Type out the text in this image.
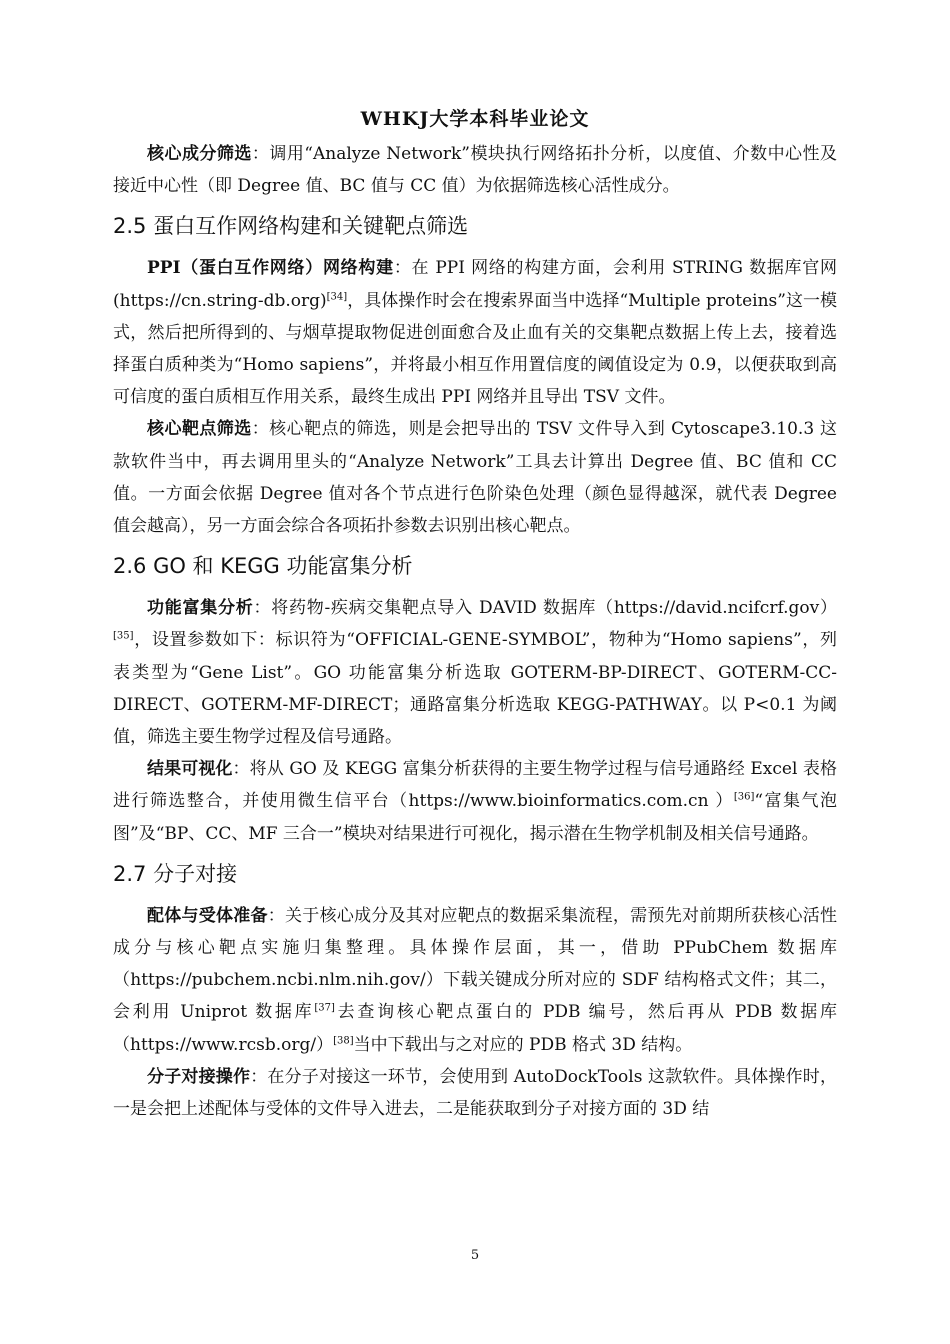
WHKJ大学本科毕业论文

核心成分筛选：调用“Analyze Network”模块执行网络拓扑分析，以度值、介数中心性及接近中心性（即 Degree 值、BC 值与 CC 值）为依据筛选核心活性成分。

2.5 蛋白互作网络构建和关键靶点筛选

PPI（蛋白互作网络）网络构建：在 PPI 网络的构建方面，会利用 STRING 数据库官网(https://cn.string-db.org)[34]，具体操作时会在搜索界面当中选择“Multiple proteins”这一模式，然后把所得到的、与烟草提取物促进创面愈合及止血有关的交集靶点数据上传上去，接着选择蛋白质种类为“Homo sapiens”，并将最小相互作用置信度的阈值设定为 0.9，以便获取到高可信度的蛋白质相互作用关系，最终生成出 PPI 网络并且导出 TSV 文件。

核心靶点筛选：核心靶点的筛选，则是会把导出的 TSV 文件导入到 Cytoscape3.10.3 这款软件当中，再去调用里头的“Analyze Network”工具去计算出 Degree 值、BC 值和 CC 值。一方面会依据 Degree 值对各个节点进行色阶染色处理（颜色显得越深，就代表 Degree 值会越高），另一方面会综合各项拓扑参数去识别出核心靶点。

2.6 GO 和 KEGG 功能富集分析

功能富集分析：将药物-疾病交集靶点导入 DAVID 数据库（https://david.ncifcrf.gov）[35]，设置参数如下：标识符为“OFFICIAL-GENE-SYMBOL”，物种为“Homo sapiens”，列表类型为“Gene List”。GO 功能富集分析选取 GOTERM-BP-DIRECT、GOTERM-CC-DIRECT、GOTERM-MF-DIRECT；通路富集分析选取 KEGG-PATHWAY。以 P<0.1 为阈值，筛选主要生物学过程及信号通路。

结果可视化：将从 GO 及 KEGG 富集分析获得的主要生物学过程与信号通路经 Excel 表格进行筛选整合，并使用微生信平台（https://www.bioinformatics.com.cn ）[36]“富集气泡图”及“BP、CC、MF 三合一”模块对结果进行可视化，揭示潜在生物学机制及相关信号通路。

2.7 分子对接

配体与受体准备：关于核心成分及其对应靶点的数据采集流程，需预先对前期所获核心活性成分与核心靶点实施归集整理。具体操作层面，其一，借助 PPubChem 数据库（https://pubchem.ncbi.nlm.nih.gov/）下载关键成分所对应的 SDF 结构格式文件；其二，会利用 Uniprot 数据库[37]去查询核心靶点蛋白的 PDB 编号，然后再从 PDB 数据库（https://www.rcsb.org/）[38]当中下载出与之对应的 PDB 格式 3D 结构。

分子对接操作：在分子对接这一环节，会使用到 AutoDockTools 这款软件。具体操作时，一是会把上述配体与受体的文件导入进去，二是能获取到分子对接方面的 3D 结

5
